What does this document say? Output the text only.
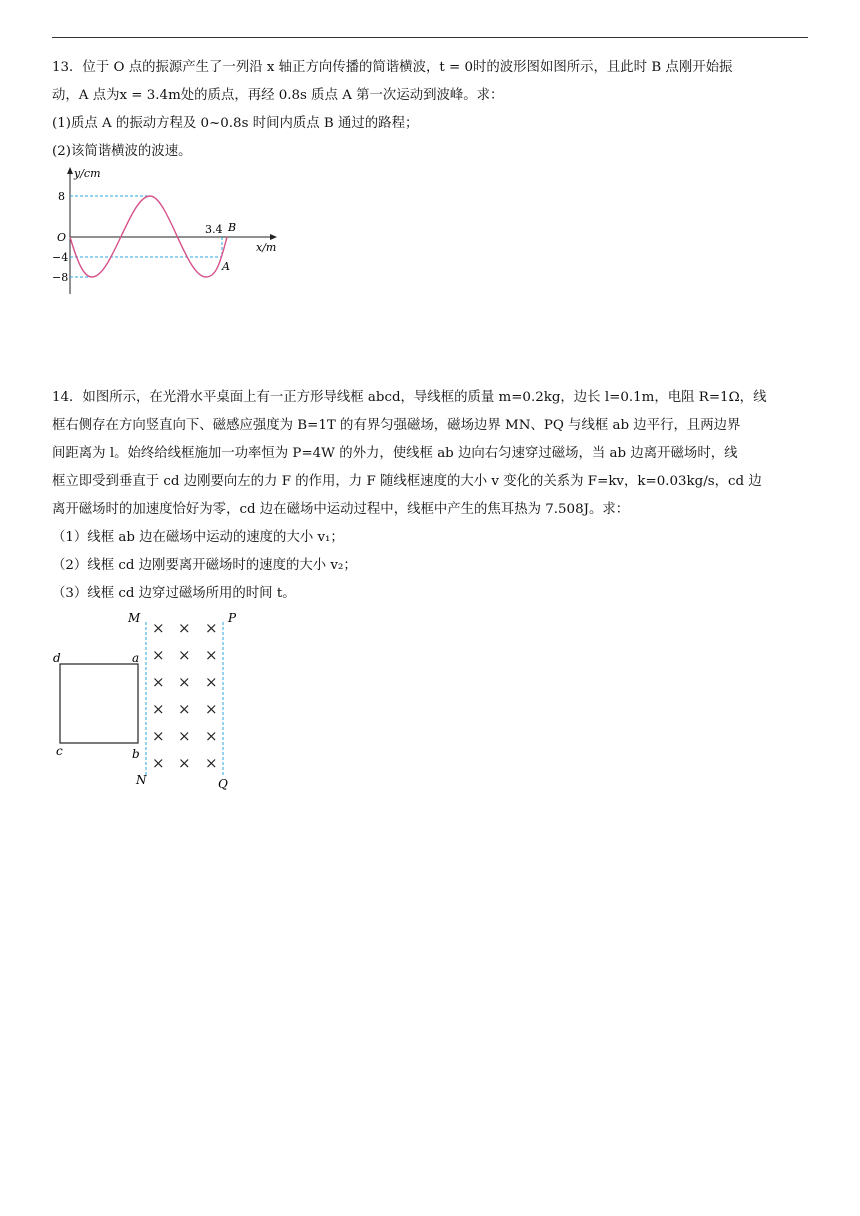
13．位于 O 点的振源产生了一列沿 x 轴正方向传播的简谐横波，t = 0时的波形图如图所示，且此时 B 点刚开始振

动，A 点为x = 3.4m处的质点，再经 0.8s 质点 A 第一次运动到波峰。求：

(1)质点 A 的振动方程及 0~0.8s 时间内质点 B 通过的路程；

(2)该简谐横波的波速。

y/cm
x/m
8
−4
−8
O
3.4 B
A

14．如图所示，在光滑水平桌面上有一正方形导线框 abcd，导线框的质量 m=0.2kg，边长 l=0.1m，电阻 R=1Ω，线

框右侧存在方向竖直向下、磁感应强度为 B=1T 的有界匀强磁场，磁场边界 MN、PQ 与线框 ab 边平行，且两边界

间距离为 l。始终给线框施加一功率恒为 P=4W 的外力，使线框 ab 边向右匀速穿过磁场，当 ab 边离开磁场时，线

框立即受到垂直于 cd 边刚要向左的力 F 的作用，力 F 随线框速度的大小 v 变化的关系为 F=kv，k=0.03kg/s，cd 边

离开磁场时的加速度恰好为零，cd 边在磁场中运动过程中，线框中产生的焦耳热为 7.508J。求：

（1）线框 ab 边在磁场中运动的速度的大小 v₁；

（2）线框 cd 边刚要离开磁场时的速度的大小 v₂；

（3）线框 cd 边穿过磁场所用的时间 t。

× × ×
× × ×
× × ×
× × ×
× × ×
× × ×
M	P
N	Q
a
b
c
d
